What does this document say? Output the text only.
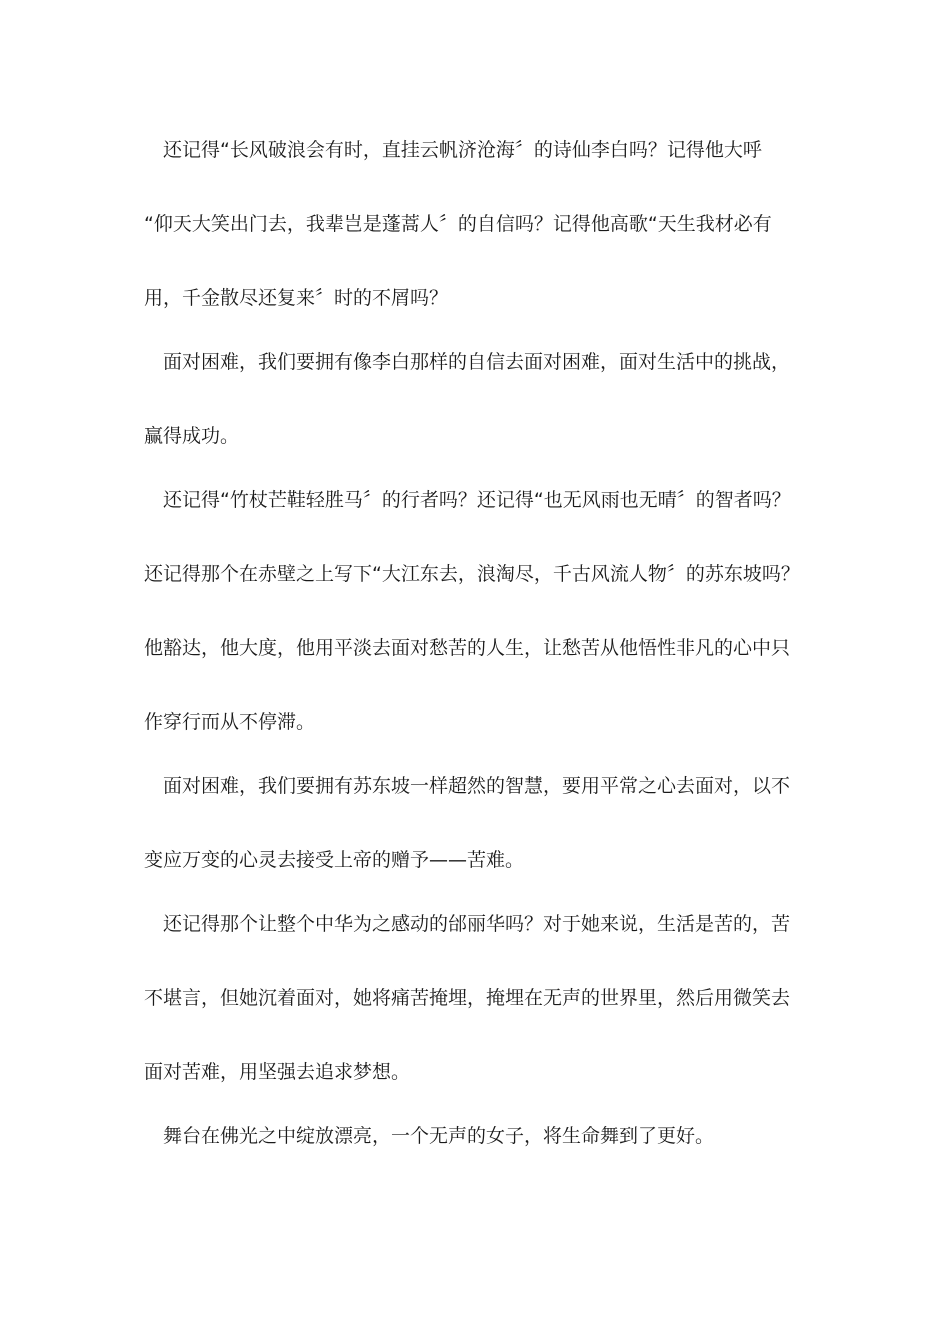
还记得“长风破浪会有时，直挂云帆济沧海〞的诗仙李白吗？记得他大呼
“仰天大笑出门去，我辈岂是蓬蒿人〞的自信吗？记得他高歌“天生我材必有
用，千金散尽还复来〞时的不屑吗？
面对困难，我们要拥有像李白那样的自信去面对困难，面对生活中的挑战，
赢得成功。
还记得“竹杖芒鞋轻胜马〞的行者吗？还记得“也无风雨也无晴〞的智者吗？
还记得那个在赤壁之上写下“大江东去，浪淘尽，千古风流人物〞的苏东坡吗？
他豁达，他大度，他用平淡去面对愁苦的人生，让愁苦从他悟性非凡的心中只
作穿行而从不停滞。
面对困难，我们要拥有苏东坡一样超然的智慧，要用平常之心去面对，以不
变应万变的心灵去接受上帝的赠予——苦难。
还记得那个让整个中华为之感动的邰丽华吗？对于她来说，生活是苦的，苦
不堪言，但她沉着面对，她将痛苦掩埋，掩埋在无声的世界里，然后用微笑去
面对苦难，用坚强去追求梦想。
舞台在佛光之中绽放漂亮，一个无声的女子，将生命舞到了更好。
